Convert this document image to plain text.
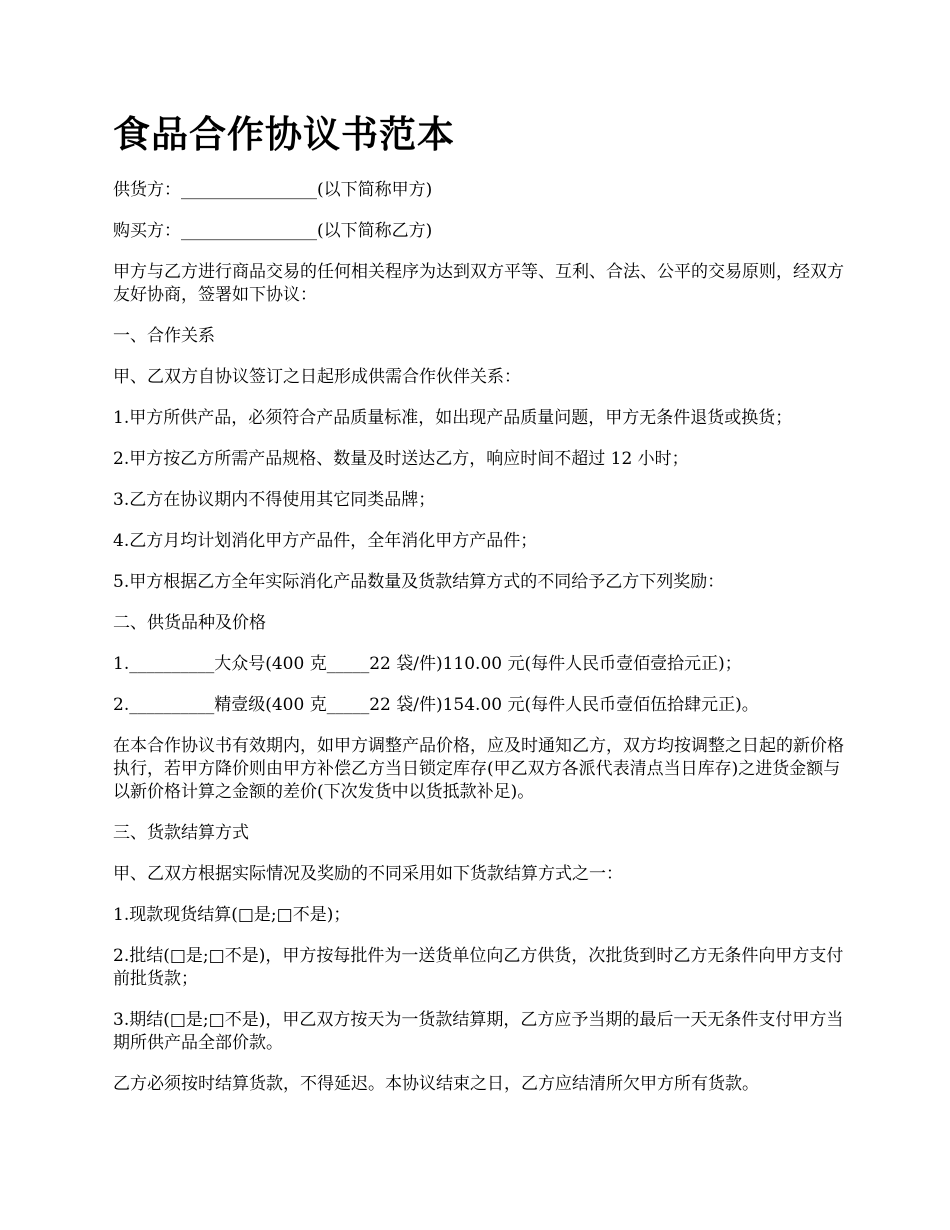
食品合作协议书范本

供货方：________________(以下简称甲方)

购买方：________________(以下简称乙方)

甲方与乙方进行商品交易的任何相关程序为达到双方平等、互利、合法、公平的交易原则，经双方友好协商，签署如下协议：

一、合作关系

甲、乙双方自协议签订之日起形成供需合作伙伴关系：

1.甲方所供产品，必须符合产品质量标准，如出现产品质量问题，甲方无条件退货或换货；

2.甲方按乙方所需产品规格、数量及时送达乙方，响应时间不超过 12 小时；

3.乙方在协议期内不得使用其它同类品牌；

4.乙方月均计划消化甲方产品件，全年消化甲方产品件；

5.甲方根据乙方全年实际消化产品数量及货款结算方式的不同给予乙方下列奖励：

二、供货品种及价格

1.__________大众号(400 克_____22 袋/件)110.00 元(每件人民币壹佰壹拾元正)；

2.__________精壹级(400 克_____22 袋/件)154.00 元(每件人民币壹佰伍拾肆元正)。

在本合作协议书有效期内，如甲方调整产品价格，应及时通知乙方，双方均按调整之日起的新价格执行，若甲方降价则由甲方补偿乙方当日锁定库存(甲乙双方各派代表清点当日库存)之进货金额与以新价格计算之金额的差价(下次发货中以货抵款补足)。

三、货款结算方式

甲、乙双方根据实际情况及奖励的不同采用如下货款结算方式之一：

1.现款现货结算(□是;□不是)；

2.批结(□是;□不是)，甲方按每批件为一送货单位向乙方供货，次批货到时乙方无条件向甲方支付前批货款；

3.期结(□是;□不是)，甲乙双方按天为一货款结算期，乙方应予当期的最后一天无条件支付甲方当期所供产品全部价款。

乙方必须按时结算货款，不得延迟。本协议结束之日，乙方应结清所欠甲方所有货款。
